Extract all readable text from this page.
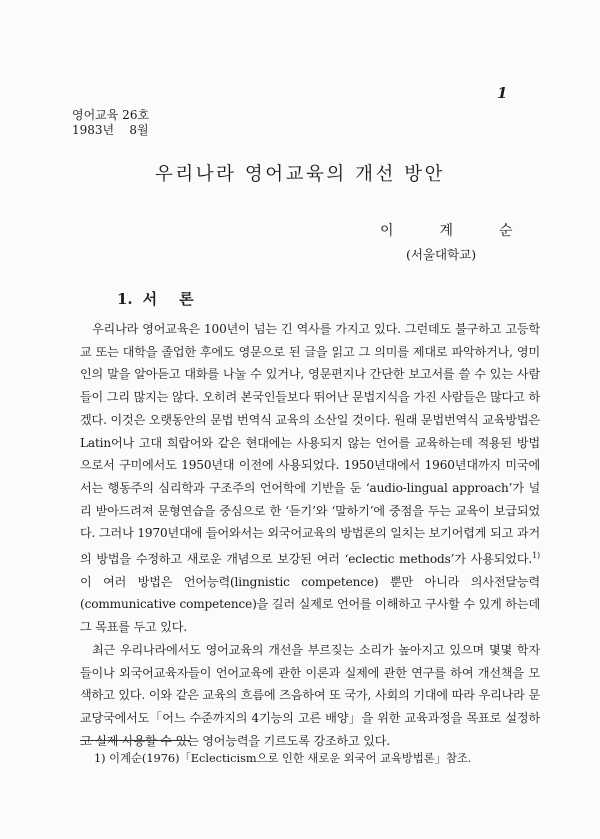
1
영어교육 26호
1983년    8월
우리나라 영어교육의 개선 방안
이계순
(서울대학교)
1. 서론

우리나라 영어교육은 100년이 넘는 긴 역사를 가지고 있다. 그런데도 불구하고 고등학교 또는 대학을 졸업한 후에도 영문으로 된 글을 읽고 그 의미를 제대로 파악하거나, 영미인의 말을 알아듣고 대화를 나눌 수 있거나, 영문편지나 간단한 보고서를 쓸 수 있는 사람들이 그리 많지는 않다. 오히려 본국인들보다 뛰어난 문법지식을 가진 사람들은 많다고 하겠다. 이것은 오랫동안의 문법 번역식 교육의 소산일 것이다. 원래 문법번역식 교육방법은 Latin어나 고대 희랍어와 같은 현대에는 사용되지 않는 언어를 교육하는데 적용된 방법으로서 구미에서도 1950년대 이전에 사용되었다. 1950년대에서 1960년대까지 미국에서는 행동주의 심리학과 구조주의 언어학에 기반을 둔 ‘audio-lingual approach’가 널리 받아드려져 문형연습을 중심으로 한 ‘듣기’와 ‘말하기’에 중점을 두는 교육이 보급되었다. 그러나 1970년대에 들어와서는 외국어교육의 방법론의 일치는 보기어렵게 되고 과거의 방법을 수정하고 새로운 개념으로 보강된 여러 ‘eclectic methods’가 사용되었다.$^{1)}$ 이 여러 방법은 언어능력(lingnistic competence) 뿐만 아니라 의사전달능력(communicative competence)을 길러 실제로 언어를 이해하고 구사할 수 있게 하는데 그 목표를 두고 있다.

최근 우리나라에서도 영어교육의 개선을 부르짖는 소리가 높아지고 있으며 몇몇 학자들이나 외국어교육자들이 언어교육에 관한 이론과 실제에 관한 연구를 하여 개선책을 모색하고 있다. 이와 같은 교육의 흐름에 즈음하여 또 국가, 사회의 기대에 따라 우리나라 문교당국에서도「어느 수준까지의 4기능의 고른 배양」을 위한 교육과정을 목표로 설정하고 실제 사용할 수 있는 영어능력을 기르도록 강조하고 있다.

1) 이계순(1976)「Eclecticism으로 인한 새로운 외국어 교육방법론」참조.
